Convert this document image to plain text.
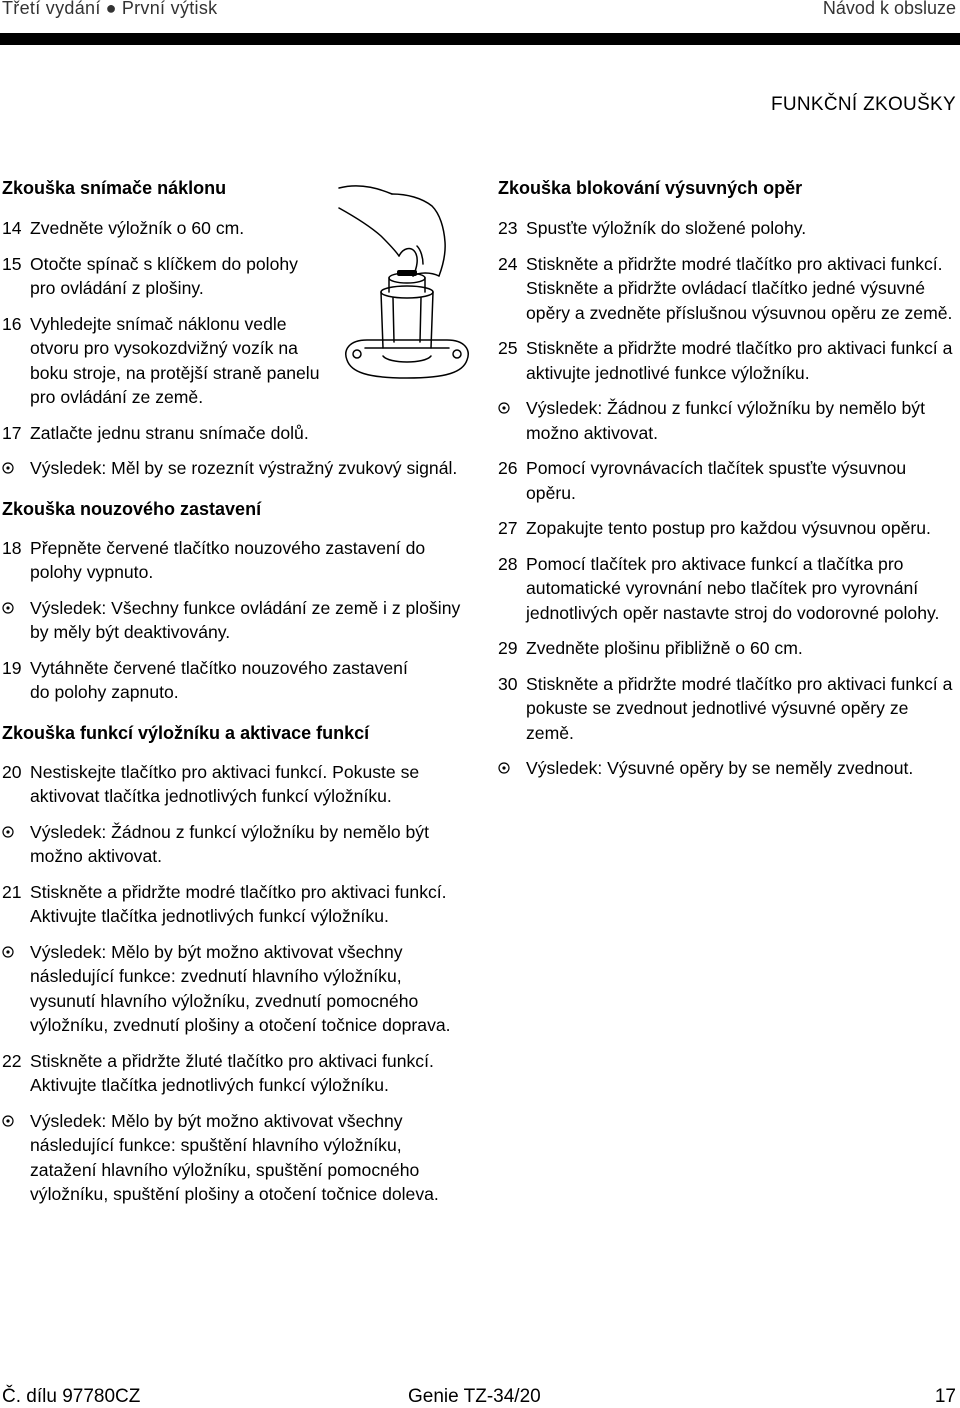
Třetí vydání ● První výtisk	Návod k obsluze
FUNKČNÍ ZKOUŠKY
Zkouška snímače náklonu
14 Zvedněte výložník o 60 cm.
15 Otočte spínač s klíčkem do polohy pro ovládání z plošiny.
16 Vyhledejte snímač náklonu vedle otvoru pro vysokozdvižný vozík na boku stroje, na protější straně panelu pro ovládání ze země.
17 Zatlačte jednu stranu snímače dolů.
Výsledek: Měl by se rozeznít výstražný zvukový signál.
Zkouška nouzového zastavení
18 Přepněte červené tlačítko nouzového zastavení do polohy vypnuto.
Výsledek: Všechny funkce ovládání ze země i z plošiny by měly být deaktivovány.
19 Vytáhněte červené tlačítko nouzového zastavení do polohy zapnuto.
Zkouška funkcí výložníku a aktivace funkcí
20 Nestiskejte tlačítko pro aktivaci funkcí. Pokuste se aktivovat tlačítka jednotlivých funkcí výložníku.
Výsledek: Žádnou z funkcí výložníku by nemělo být možno aktivovat.
21 Stiskněte a přidržte modré tlačítko pro aktivaci funkcí. Aktivujte tlačítka jednotlivých funkcí výložníku.
Výsledek: Mělo by být možno aktivovat všechny následující funkce: zvednutí hlavního výložníku, vysunutí hlavního výložníku, zvednutí pomocného výložníku, zvednutí plošiny a otočení točnice doprava.
22 Stiskněte a přidržte žluté tlačítko pro aktivaci funkcí. Aktivujte tlačítka jednotlivých funkcí výložníku.
Výsledek: Mělo by být možno aktivovat všechny následující funkce: spuštění hlavního výložníku, zatažení hlavního výložníku, spuštění pomocného výložníku, spuštění plošiny a otočení točnice doleva.
Zkouška blokování výsuvných opěr
23 Spusťte výložník do složené polohy.
24 Stiskněte a přidržte modré tlačítko pro aktivaci funkcí. Stiskněte a přidržte ovládací tlačítko jedné výsuvné opěry a zvedněte příslušnou výsuvnou opěru ze země.
25 Stiskněte a přidržte modré tlačítko pro aktivaci funkcí a aktivujte jednotlivé funkce výložníku.
Výsledek: Žádnou z funkcí výložníku by nemělo být možno aktivovat.
26 Pomocí vyrovnávacích tlačítek spusťte výsuvnou opěru.
27 Zopakujte tento postup pro každou výsuvnou opěru.
28 Pomocí tlačítek pro aktivace funkcí a tlačítka pro automatické vyrovnání nebo tlačítek pro vyrovnání jednotlivých opěr nastavte stroj do vodorovné polohy.
29 Zvedněte plošinu přibližně o 60 cm.
30 Stiskněte a přidržte modré tlačítko pro aktivaci funkcí a pokuste se zvednout jednotlivé výsuvné opěry ze země.
Výsledek: Výsuvné opěry by se neměly zvednout.
Č. dílu 97780CZ	Genie TZ-34/20	17
